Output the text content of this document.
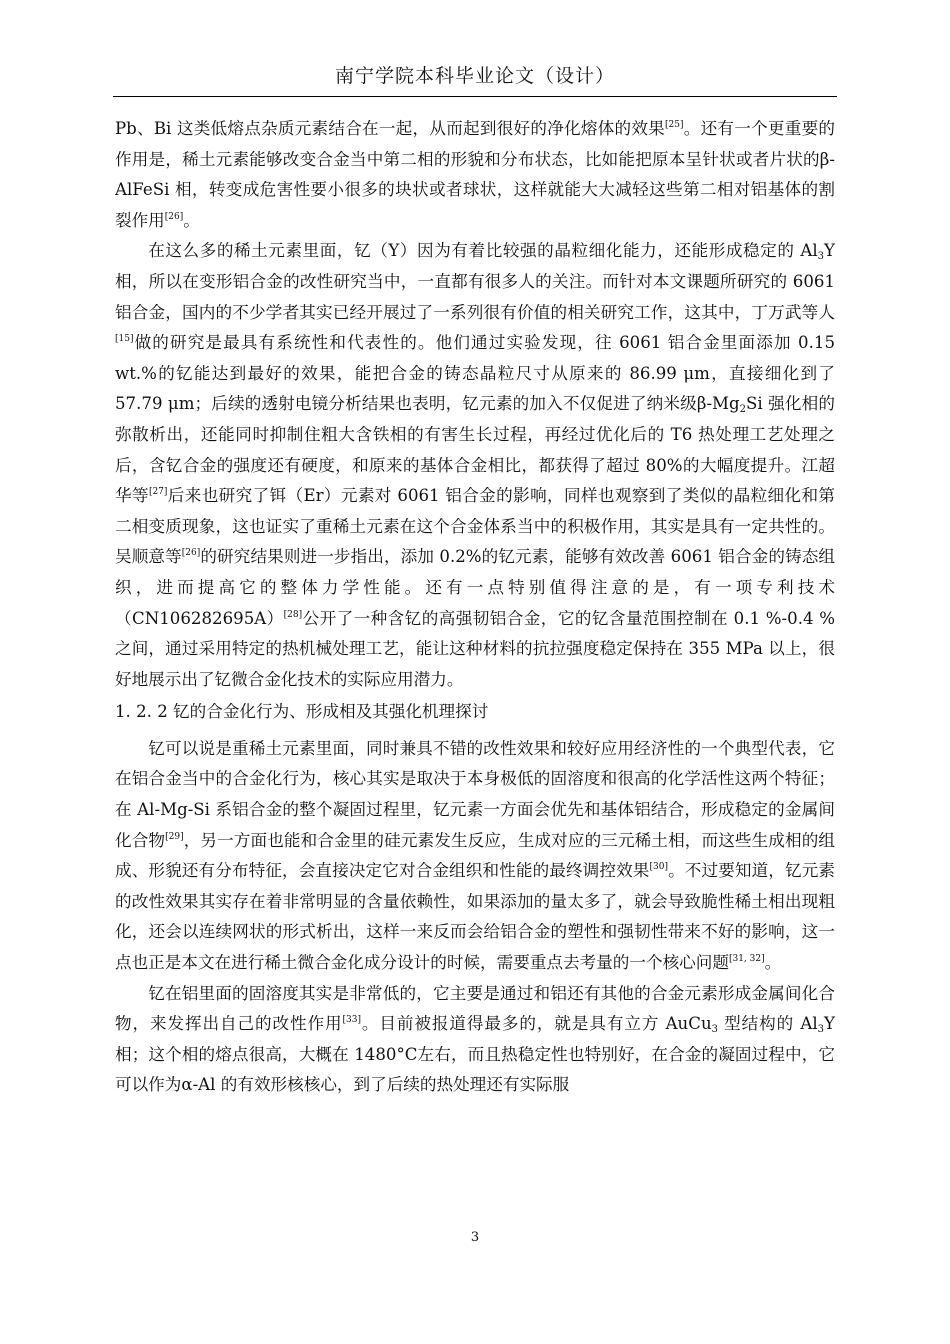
南宁学院本科毕业论文（设计）

Pb、Bi 这类低熔点杂质元素结合在一起，从而起到很好的净化熔体的效果[25]。还有一个更重要的作用是，稀土元素能够改变合金当中第二相的形貌和分布状态，比如能把原本呈针状或者片状的β-AlFeSi 相，转变成危害性要小很多的块状或者球状，这样就能大大减轻这些第二相对铝基体的割裂作用[26]。

在这么多的稀土元素里面，钇（Y）因为有着比较强的晶粒细化能力，还能形成稳定的 $Al_3Y$ 相，所以在变形铝合金的改性研究当中，一直都有很多人的关注。而针对本文课题所研究的 6061 铝合金，国内的不少学者其实已经开展过了一系列很有价值的相关研究工作，这其中，丁万武等人[15]做的研究是最具有系统性和代表性的。他们通过实验发现，往 6061 铝合金里面添加 0.15 wt.%的钇能达到最好的效果，能把合金的铸态晶粒尺寸从原来的 86.99 μm，直接细化到了 57.79 μm；后续的透射电镜分析结果也表明，钇元素的加入不仅促进了纳米级$\beta-Mg_2Si$ 强化相的弥散析出，还能同时抑制住粗大含铁相的有害生长过程，再经过优化后的 T6 热处理工艺处理之后，含钇合金的强度还有硬度，和原来的基体合金相比，都获得了超过 80%的大幅度提升。江超华等[27]后来也研究了铒（Er）元素对 6061 铝合金的影响，同样也观察到了类似的晶粒细化和第二相变质现象，这也证实了重稀土元素在这个合金体系当中的积极作用，其实是具有一定共性的。吴顺意等[26]的研究结果则进一步指出，添加 0.2%的钇元素，能够有效改善 6061 铝合金的铸态组织，进而提高它的整体力学性能。还有一点特别值得注意的是，有一项专利技术（CN106282695A）[28]公开了一种含钇的高强韧铝合金，它的钇含量范围控制在 0.1 %-0.4 %之间，通过采用特定的热机械处理工艺，能让这种材料的抗拉强度稳定保持在 355 MPa 以上，很好地展示出了钇微合金化技术的实际应用潜力。

1. 2. 2 钇的合金化行为、形成相及其强化机理探讨

钇可以说是重稀土元素里面，同时兼具不错的改性效果和较好应用经济性的一个典型代表，它在铝合金当中的合金化行为，核心其实是取决于本身极低的固溶度和很高的化学活性这两个特征；在 Al-Mg-Si 系铝合金的整个凝固过程里，钇元素一方面会优先和基体铝结合，形成稳定的金属间化合物[29]，另一方面也能和合金里的硅元素发生反应，生成对应的三元稀土相，而这些生成相的组成、形貌还有分布特征，会直接决定它对合金组织和性能的最终调控效果[30]。不过要知道，钇元素的改性效果其实存在着非常明显的含量依赖性，如果添加的量太多了，就会导致脆性稀土相出现粗化，还会以连续网状的形式析出，这样一来反而会给铝合金的塑性和强韧性带来不好的影响，这一点也正是本文在进行稀土微合金化成分设计的时候，需要重点去考量的一个核心问题[31, 32]。

钇在铝里面的固溶度其实是非常低的，它主要是通过和铝还有其他的合金元素形成金属间化合物，来发挥出自己的改性作用[33]。目前被报道得最多的，就是具有立方 AuCu$_3$ 型结构的 $Al_3Y$ 相；这个相的熔点很高，大概在 1480°C左右，而且热稳定性也特别好，在合金的凝固过程中，它可以作为α-Al 的有效形核核心，到了后续的热处理还有实际服

3
